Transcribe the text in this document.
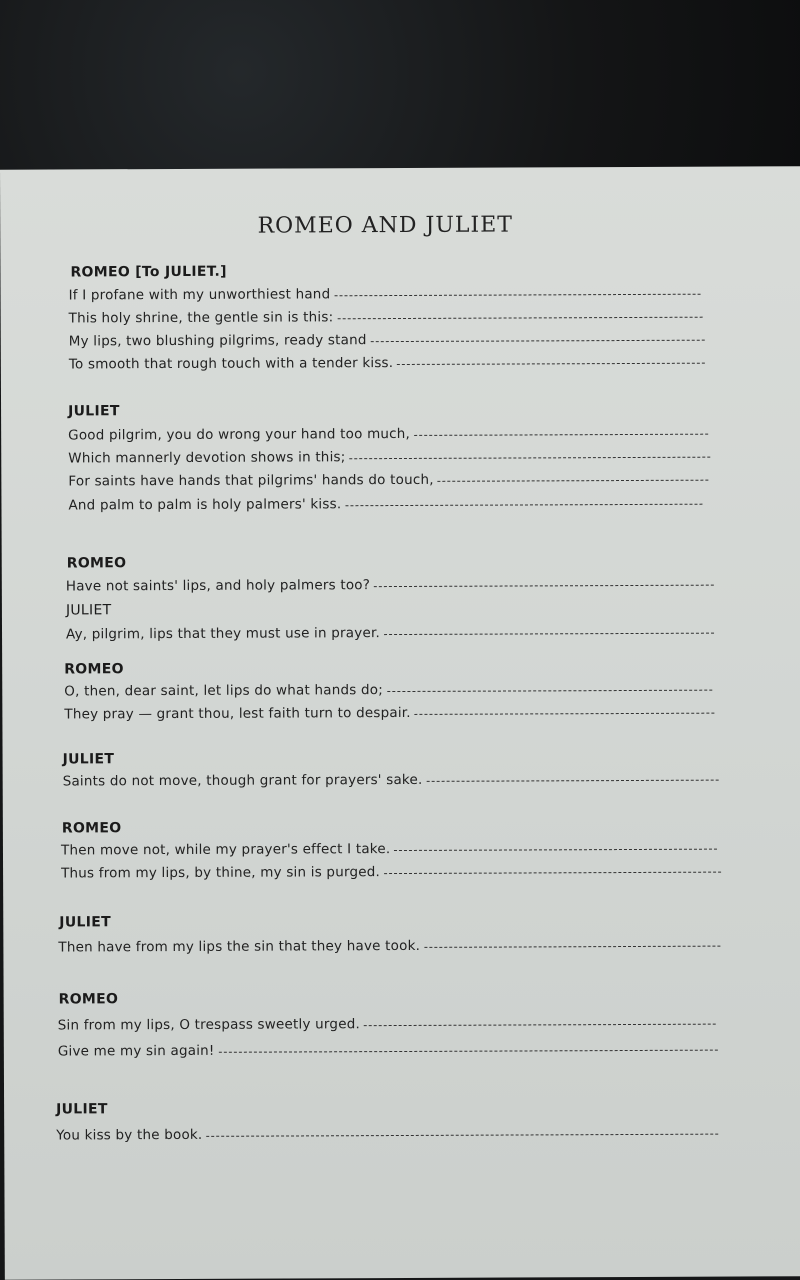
ROMEO AND JULIET
ROMEO [To JULIET.]
If I profane with my unworthiest hand
This holy shrine, the gentle sin is this:
My lips, two blushing pilgrims, ready stand
To smooth that rough touch with a tender kiss.
JULIET
Good pilgrim, you do wrong your hand too much,
Which mannerly devotion shows in this;
For saints have hands that pilgrims' hands do touch,
And palm to palm is holy palmers' kiss.
ROMEO
Have not saints' lips, and holy palmers too?
JULIET
Ay, pilgrim, lips that they must use in prayer.
ROMEO
O, then, dear saint, let lips do what hands do;
They pray — grant thou, lest faith turn to despair.
JULIET
Saints do not move, though grant for prayers' sake.
ROMEO
Then move not, while my prayer's effect I take.
Thus from my lips, by thine, my sin is purged.
JULIET
Then have from my lips the sin that they have took.
ROMEO
Sin from my lips, O trespass sweetly urged.
Give me my sin again!
JULIET
You kiss by the book.
